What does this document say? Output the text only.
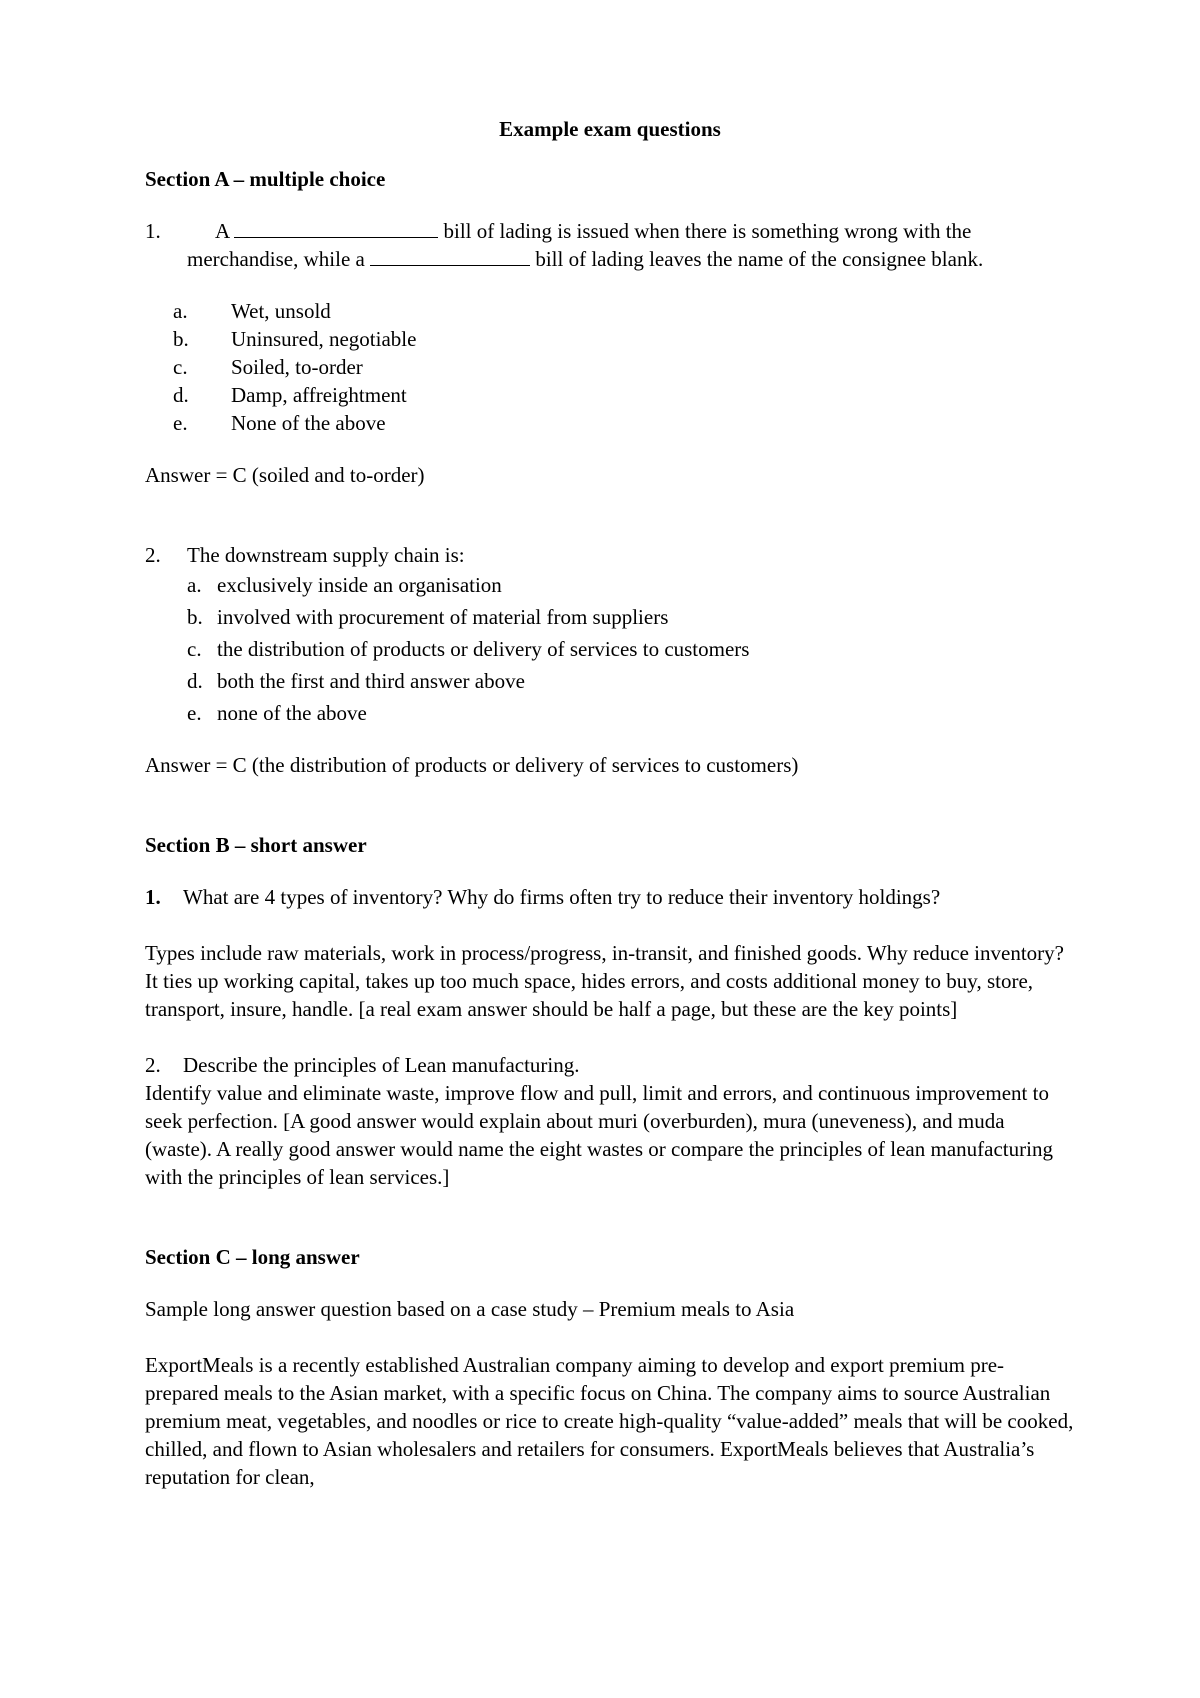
Example exam questions

Section A – multiple choice

1.	A	bill of lading is issued when there is something wrong with the merchandise, while a	bill of lading leaves the name of the consignee blank.

a. Wet, unsold
b. Uninsured, negotiable
c. Soiled, to-order
d. Damp, affreightment
e. None of the above

Answer = C (soiled and to-order)

2. The downstream supply chain is:

a. exclusively inside an organisation
b. involved with procurement of material from suppliers
c. the distribution of products or delivery of services to customers
d. both the first and third answer above
e. none of the above

Answer = C (the distribution of products or delivery of services to customers)

Section B – short answer

1. What are 4 types of inventory? Why do firms often try to reduce their inventory holdings?

Types include raw materials, work in process/progress, in-transit, and finished goods. Why reduce inventory? It ties up working capital, takes up too much space, hides errors, and costs additional money to buy, store, transport, insure, handle. [a real exam answer should be half a page, but these are the key points]

2. Describe the principles of Lean manufacturing.

Identify value and eliminate waste, improve flow and pull, limit and errors, and continuous improvement to seek perfection. [A good answer would explain about muri (overburden), mura (uneveness), and muda (waste). A really good answer would name the eight wastes or compare the principles of lean manufacturing with the principles of lean services.]

Section C – long answer

Sample long answer question based on a case study – Premium meals to Asia

ExportMeals is a recently established Australian company aiming to develop and export premium pre-prepared meals to the Asian market, with a specific focus on China. The company aims to source Australian premium meat, vegetables, and noodles or rice to create high-quality “value-added” meals that will be cooked, chilled, and flown to Asian wholesalers and retailers for consumers. ExportMeals believes that Australia’s reputation for clean,
